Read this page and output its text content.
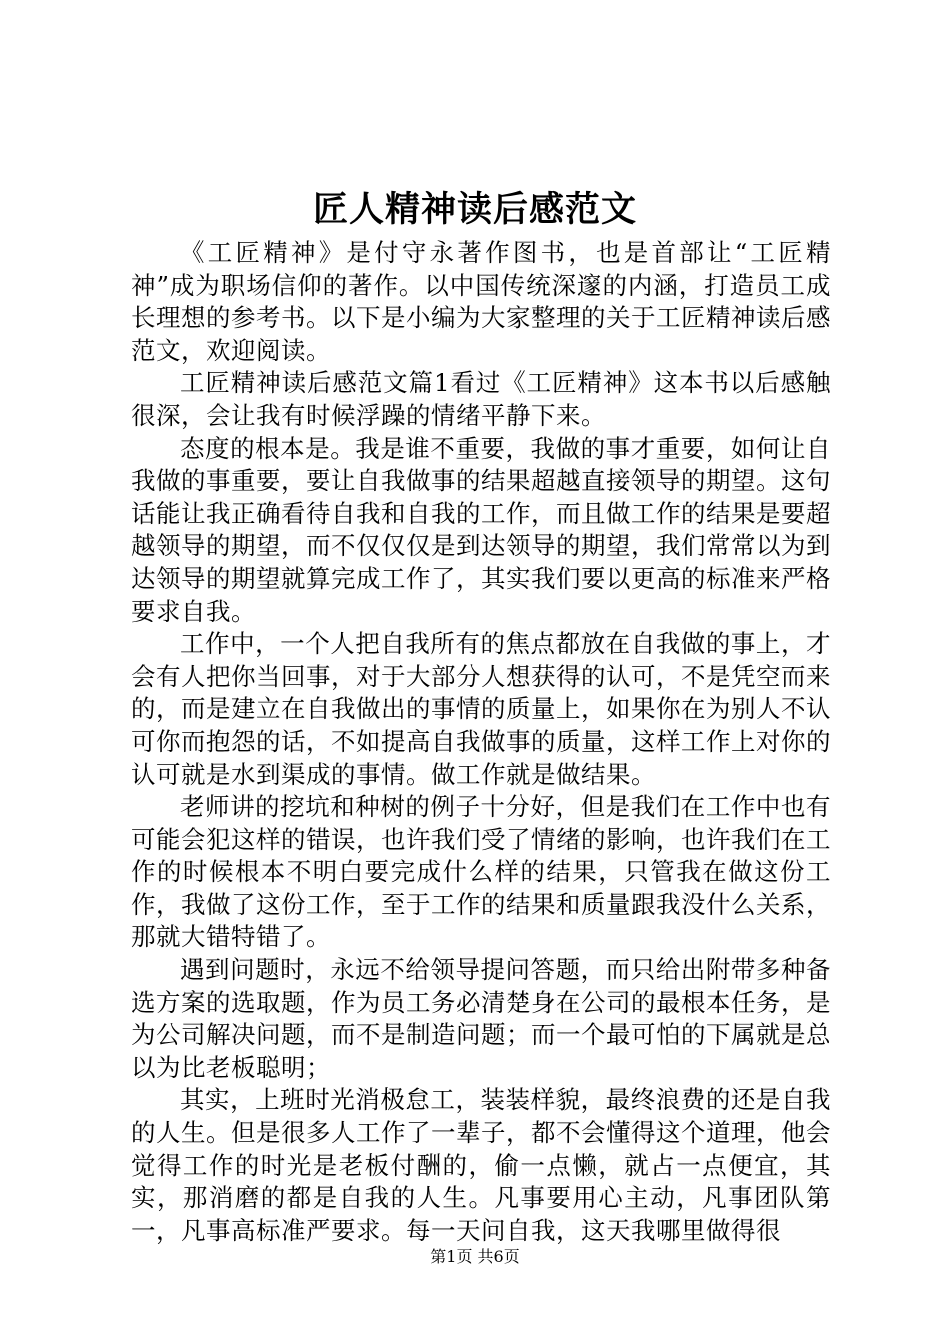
匠人精神读后感范文

《工匠精神》是付守永著作图书，也是首部让“工匠精神”成为职场信仰的著作。以中国传统深邃的内涵，打造员工成长理想的参考书。以下是小编为大家整理的关于工匠精神读后感范文，欢迎阅读。

工匠精神读后感范文篇1看过《工匠精神》这本书以后感触很深，会让我有时候浮躁的情绪平静下来。

态度的根本是。我是谁不重要，我做的事才重要，如何让自我做的事重要，要让自我做事的结果超越直接领导的期望。这句话能让我正确看待自我和自我的工作，而且做工作的结果是要超越领导的期望，而不仅仅仅是到达领导的期望，我们常常以为到达领导的期望就算完成工作了，其实我们要以更高的标准来严格要求自我。

工作中，一个人把自我所有的焦点都放在自我做的事上，才会有人把你当回事，对于大部分人想获得的认可，不是凭空而来的，而是建立在自我做出的事情的质量上，如果你在为别人不认可你而抱怨的话，不如提高自我做事的质量，这样工作上对你的认可就是水到渠成的事情。做工作就是做结果。

老师讲的挖坑和种树的例子十分好，但是我们在工作中也有可能会犯这样的错误，也许我们受了情绪的影响，也许我们在工作的时候根本不明白要完成什么样的结果，只管我在做这份工作，我做了这份工作，至于工作的结果和质量跟我没什么关系，那就大错特错了。

遇到问题时，永远不给领导提问答题，而只给出附带多种备选方案的选取题，作为员工务必清楚身在公司的最根本任务，是为公司解决问题，而不是制造问题；而一个最可怕的下属就是总以为比老板聪明；

其实，上班时光消极怠工，装装样貌，最终浪费的还是自我的人生。但是很多人工作了一辈子，都不会懂得这个道理，他会觉得工作的时光是老板付酬的，偷一点懒，就占一点便宜，其实，那消磨的都是自我的人生。凡事要用心主动，凡事团队第一，凡事高标准严要求。每一天问自我，这天我哪里做得很

第1页 共6页
